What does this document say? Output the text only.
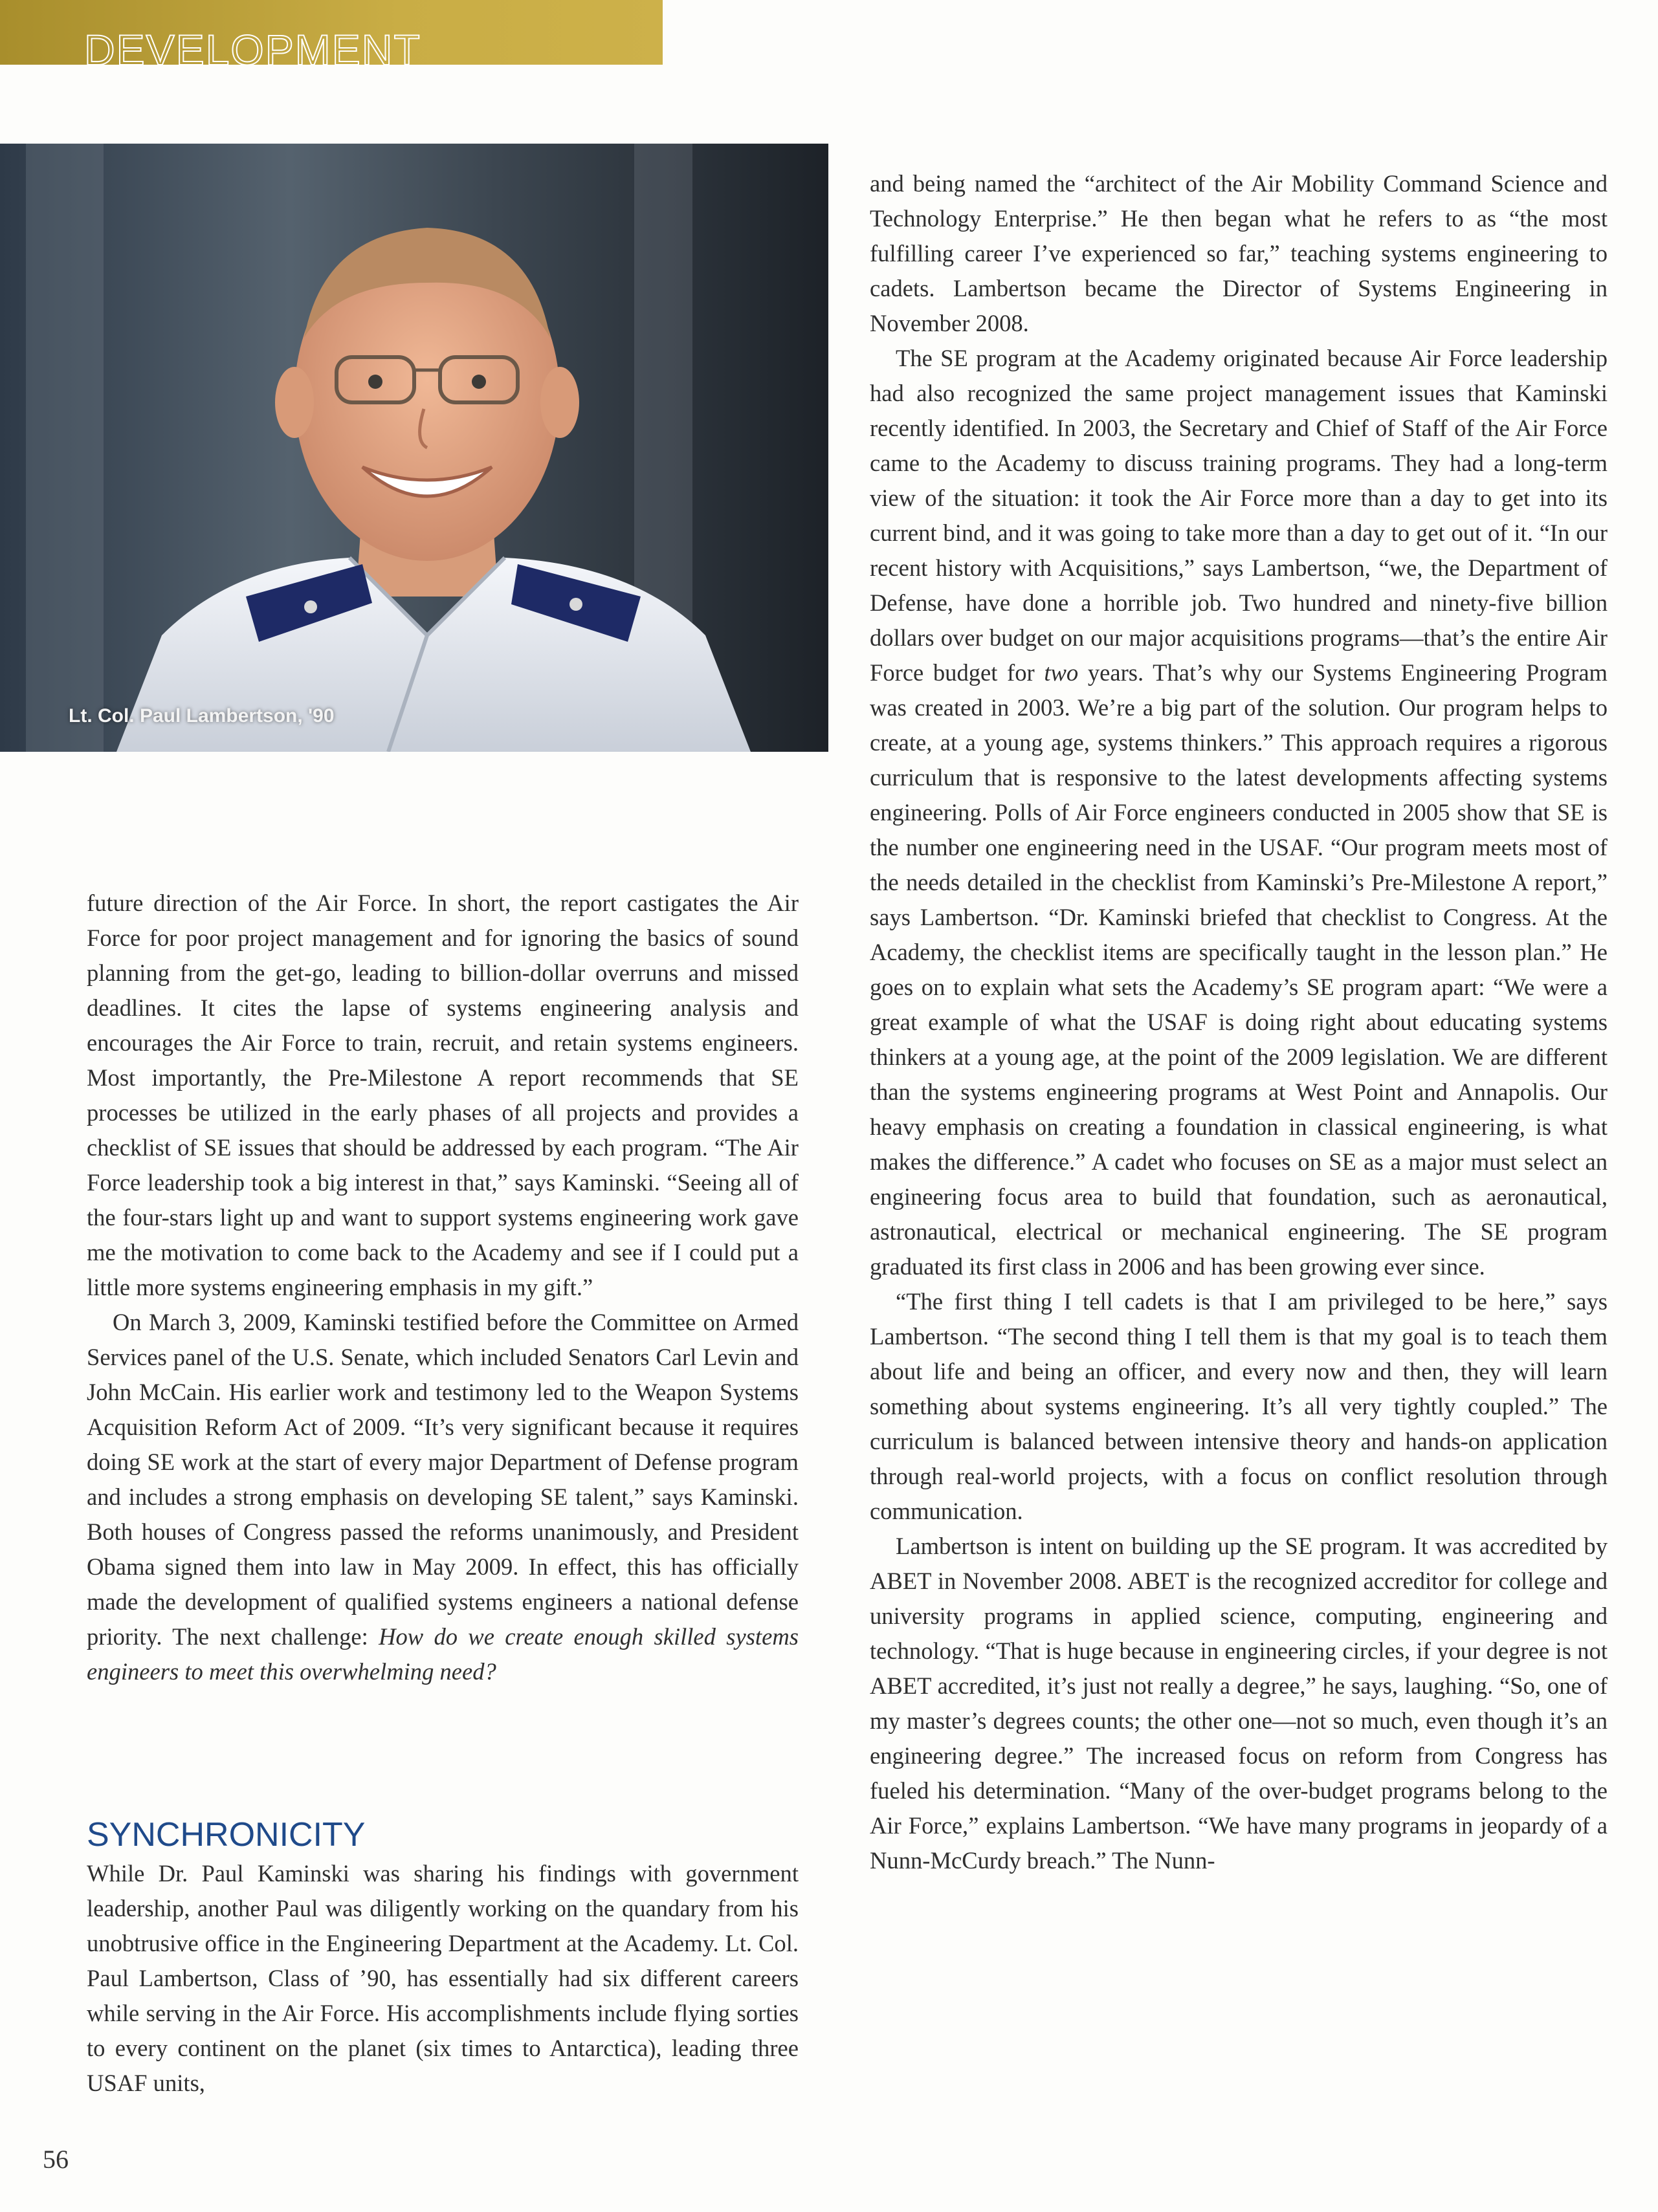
DEVELOPMENT
Lt. Col. Paul Lambertson, '90

future direction of the Air Force. In short, the report castigates the Air Force for poor project management and for ignoring the basics of sound planning from the get-go, leading to billion-dollar overruns and missed deadlines. It cites the lapse of systems engineering analysis and encourages the Air Force to train, recruit, and retain systems engineers. Most importantly, the Pre-Milestone A report recommends that SE processes be utilized in the early phases of all projects and provides a checklist of SE issues that should be addressed by each program. “The Air Force leadership took a big interest in that,” says Kaminski. “Seeing all of the four-stars light up and want to support systems engineering work gave me the motivation to come back to the Academy and see if I could put a little more systems engineering emphasis in my gift.”

On March 3, 2009, Kaminski testified before the Committee on Armed Services panel of the U.S. Senate, which included Senators Carl Levin and John McCain. His earlier work and testimony led to the Weapon Systems Acquisition Reform Act of 2009. “It’s very significant because it requires doing SE work at the start of every major Department of Defense program and includes a strong emphasis on developing SE talent,” says Kaminski. Both houses of Congress passed the reforms unanimously, and President Obama signed them into law in May 2009. In effect, this has officially made the development of qualified systems engineers a national defense priority. The next challenge: How do we create enough skilled systems engineers to meet this overwhelming need?

SYNCHRONICITY

While Dr. Paul Kaminski was sharing his findings with government leadership, another Paul was diligently working on the quandary from his unobtrusive office in the Engineering Department at the Academy. Lt. Col. Paul Lambertson, Class of ’90, has essentially had six different careers while serving in the Air Force. His accomplishments include flying sorties to every continent on the planet (six times to Antarctica), leading three USAF units,

and being named the “architect of the Air Mobility Command Science and Technology Enterprise.” He then began what he refers to as “the most fulfilling career I’ve experienced so far,” teaching systems engineering to cadets. Lambertson became the Director of Systems Engineering in November 2008.

The SE program at the Academy originated because Air Force leadership had also recognized the same project management issues that Kaminski recently identified. In 2003, the Secretary and Chief of Staff of the Air Force came to the Academy to discuss training programs. They had a long-term view of the situation: it took the Air Force more than a day to get into its current bind, and it was going to take more than a day to get out of it. “In our recent history with Acquisitions,” says Lambertson, “we, the Department of Defense, have done a horrible job. Two hundred and ninety-five billion dollars over budget on our major acquisitions programs—that’s the entire Air Force budget for two years. That’s why our Systems Engineering Program was created in 2003. We’re a big part of the solution. Our program helps to create, at a young age, systems thinkers.” This approach requires a rigorous curriculum that is responsive to the latest developments affecting systems engineering. Polls of Air Force engineers conducted in 2005 show that SE is the number one engineering need in the USAF. “Our program meets most of the needs detailed in the checklist from Kaminski’s Pre-Milestone A report,” says Lambertson. “Dr. Kaminski briefed that checklist to Congress. At the Academy, the checklist items are specifically taught in the lesson plan.” He goes on to explain what sets the Academy’s SE program apart: “We were a great example of what the USAF is doing right about educating systems thinkers at a young age, at the point of the 2009 legislation. We are different than the systems engineering programs at West Point and Annapolis. Our heavy emphasis on creating a foundation in classical engineering, is what makes the difference.” A cadet who focuses on SE as a major must select an engineering focus area to build that foundation, such as aeronautical, astronautical, electrical or mechanical engineering. The SE program graduated its first class in 2006 and has been growing ever since.

“The first thing I tell cadets is that I am privileged to be here,” says Lambertson. “The second thing I tell them is that my goal is to teach them about life and being an officer, and every now and then, they will learn something about systems engineering. It’s all very tightly coupled.” The curriculum is balanced between intensive theory and hands-on application through real-world projects, with a focus on conflict resolution through communication.

Lambertson is intent on building up the SE program. It was accredited by ABET in November 2008. ABET is the recognized accreditor for college and university programs in applied science, computing, engineering and technology. “That is huge because in engineering circles, if your degree is not ABET accredited, it’s just not really a degree,” he says, laughing. “So, one of my master’s degrees counts; the other one—not so much, even though it’s an engineering degree.” The increased focus on reform from Congress has fueled his determination. “Many of the over-budget programs belong to the Air Force,” explains Lambertson. “We have many programs in jeopardy of a Nunn-McCurdy breach.” The Nunn-

56
